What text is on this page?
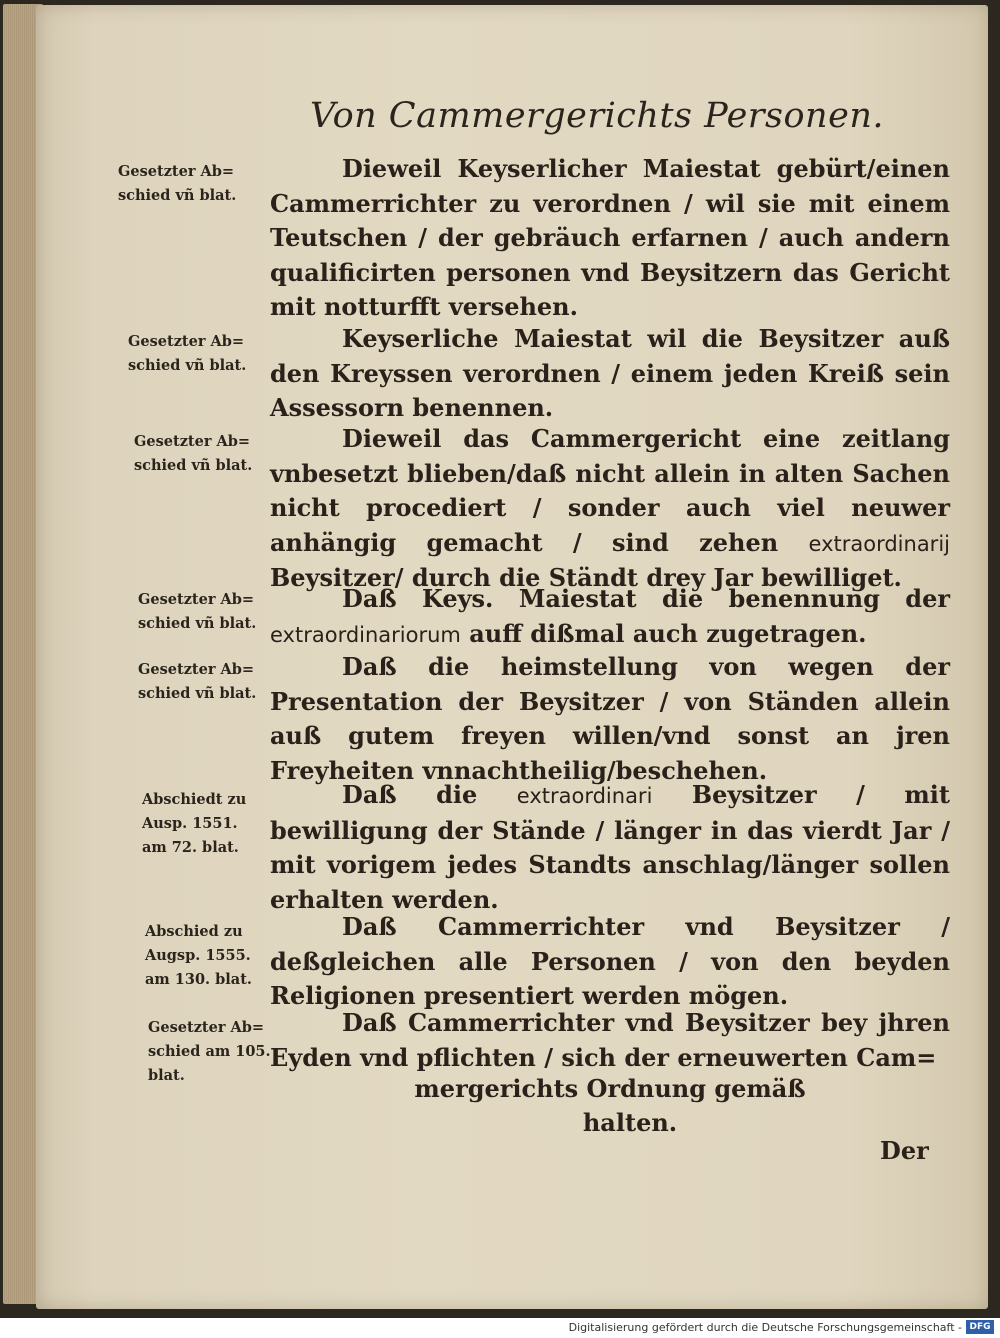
Von Cammergerichts Personen.
Gesetzter Ab=
schied vñ blat.
Gesetzter Ab=
schied vñ blat.
Gesetzter Ab=
schied vñ blat.
Gesetzter Ab=
schied vñ blat.
Gesetzter Ab=
schied vñ blat.
Abschiedt zu
Ausp. 1551.
am 72. blat.
Abschied zu
Augsp. 1555.
am 130. blat.
Gesetzter Ab=
schied am 105.
blat.
Dieweil Keyserlicher Maiestat gebürt/einen Cammerrichter zu verordnen / wil sie mit einem Teutschen / der gebräuch erfarnen / auch andern qualificirten personen vnd Beysitzern das Gericht mit notturfft versehen.
Keyserliche Maiestat wil die Beysitzer auß den Kreyssen verordnen / einem jeden Kreiß sein Assessorn benennen.
Dieweil das Cammergericht eine zeitlang vnbesetzt blieben/daß nicht allein in alten Sachen nicht procediert / sonder auch viel neuwer anhängig gemacht / sind zehen extraordinarij Beysitzer/ durch die Ständt drey Jar bewilliget.
Daß Keys. Maiestat die benennung der extraordinariorum auff dißmal auch zugetragen.
Daß die heimstellung von wegen der Presentation der Beysitzer / von Ständen allein auß gutem freyen willen/vnd sonst an jren Freyheiten vnnachtheilig/beschehen.
Daß die extraordinari Beysitzer / mit bewilligung der Stände / länger in das vierdt Jar / mit vorigem jedes Standts anschlag/länger sollen erhalten werden.
Daß Cammerrichter vnd Beysitzer / deßgleichen alle Personen / von den beyden Religionen presentiert werden mögen.
Daß Cammerrichter vnd Beysitzer bey jhren Eyden vnd pflichten / sich der erneuwerten Cam=
mergerichts Ordnung gemäß
halten.
Der
Digitalisierung gefördert durch die Deutsche Forschungsgemeinschaft - DFG
